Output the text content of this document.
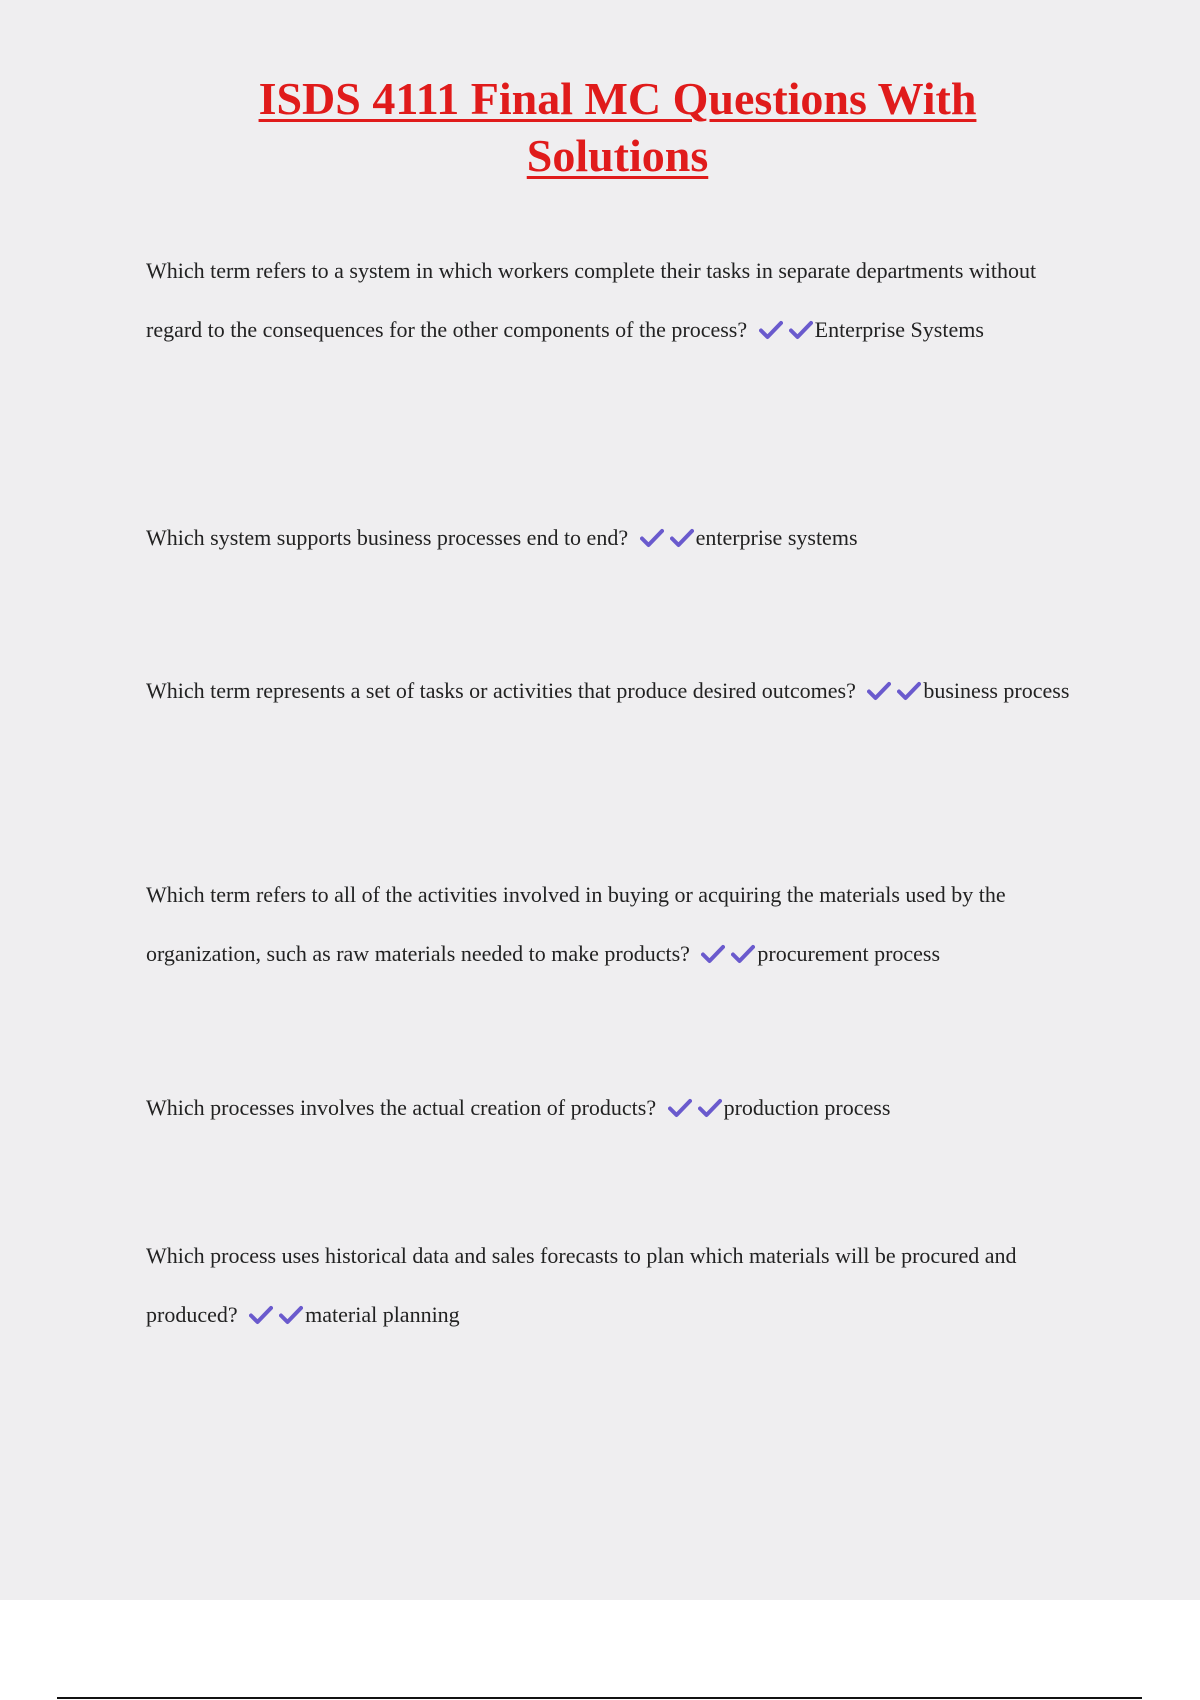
ISDS 4111 Final MC Questions With
Solutions
Which term refers to a system in which workers complete their tasks in separate departments without regard to the consequences for the other components of the process?	Enterprise Systems
Which system supports business processes end to end?	enterprise systems
Which term represents a set of tasks or activities that produce desired outcomes?	business process
Which term refers to all of the activities involved in buying or acquiring the materials used by the organization, such as raw materials needed to make products?	procurement process
Which processes involves the actual creation of products?	production process
Which process uses historical data and sales forecasts to plan which materials will be procured and produced?	material planning
